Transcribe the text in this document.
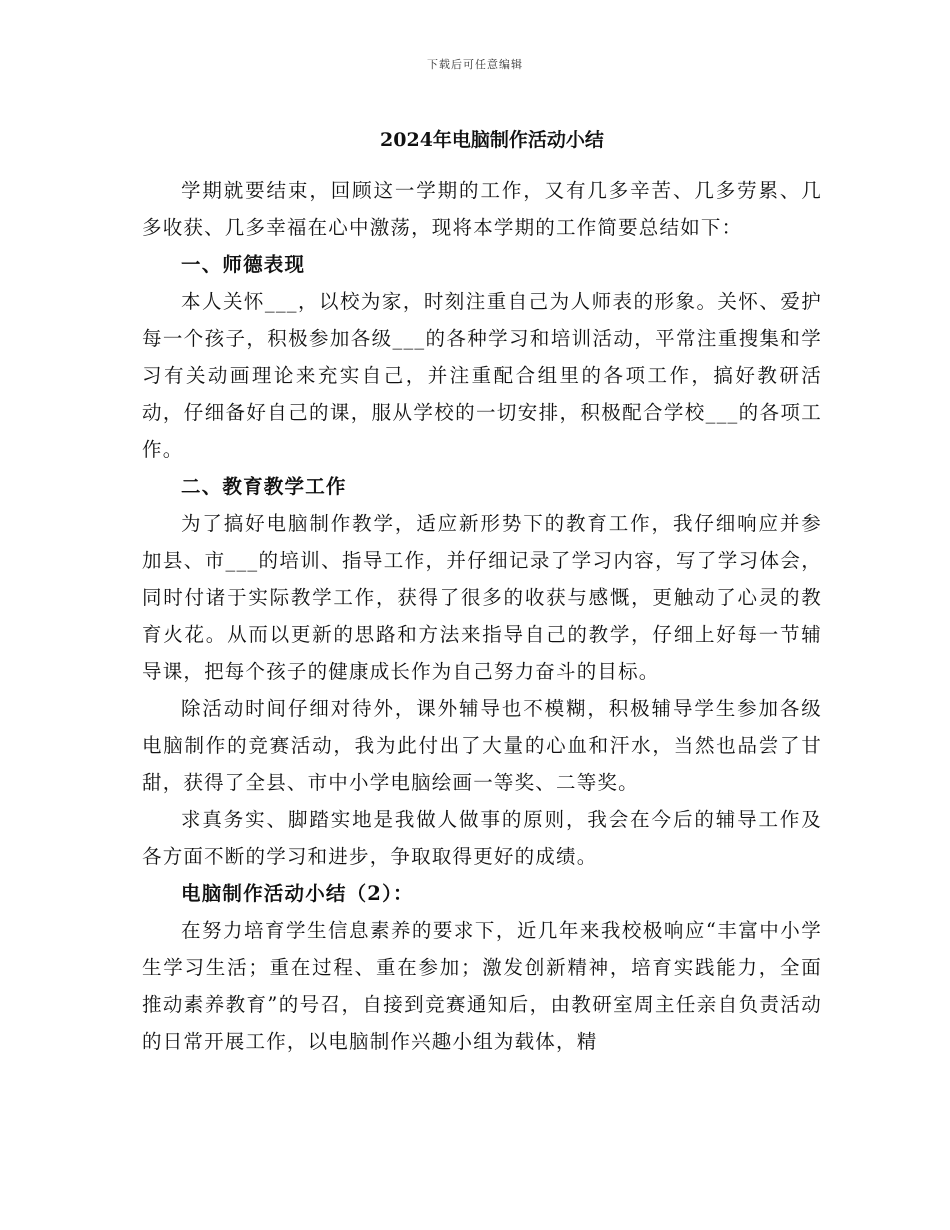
下载后可任意编辑
2024年电脑制作活动小结

学期就要结束，回顾这一学期的工作，又有几多辛苦、几多劳累、几多收获、几多幸福在心中激荡，现将本学期的工作简要总结如下：

一、师德表现

本人关怀___，以校为家，时刻注重自己为人师表的形象。关怀、爱护每一个孩子，积极参加各级___的各种学习和培训活动，平常注重搜集和学习有关动画理论来充实自己，并注重配合组里的各项工作，搞好教研活动，仔细备好自己的课，服从学校的一切安排，积极配合学校___的各项工作。

二、教育教学工作

为了搞好电脑制作教学，适应新形势下的教育工作，我仔细响应并参加县、市___的培训、指导工作，并仔细记录了学习内容，写了学习体会，同时付诸于实际教学工作，获得了很多的收获与感慨，更触动了心灵的教育火花。从而以更新的思路和方法来指导自己的教学，仔细上好每一节辅导课，把每个孩子的健康成长作为自己努力奋斗的目标。

除活动时间仔细对待外，课外辅导也不模糊，积极辅导学生参加各级电脑制作的竞赛活动，我为此付出了大量的心血和汗水，当然也品尝了甘甜，获得了全县、市中小学电脑绘画一等奖、二等奖。

求真务实、脚踏实地是我做人做事的原则，我会在今后的辅导工作及各方面不断的学习和进步，争取取得更好的成绩。

电脑制作活动小结（2）：

在努力培育学生信息素养的要求下，近几年来我校极响应“丰富中小学生学习生活；重在过程、重在参加；激发创新精神，培育实践能力，全面推动素养教育”的号召，自接到竞赛通知后，由教研室周主任亲自负责活动的日常开展工作，以电脑制作兴趣小组为载体，精
